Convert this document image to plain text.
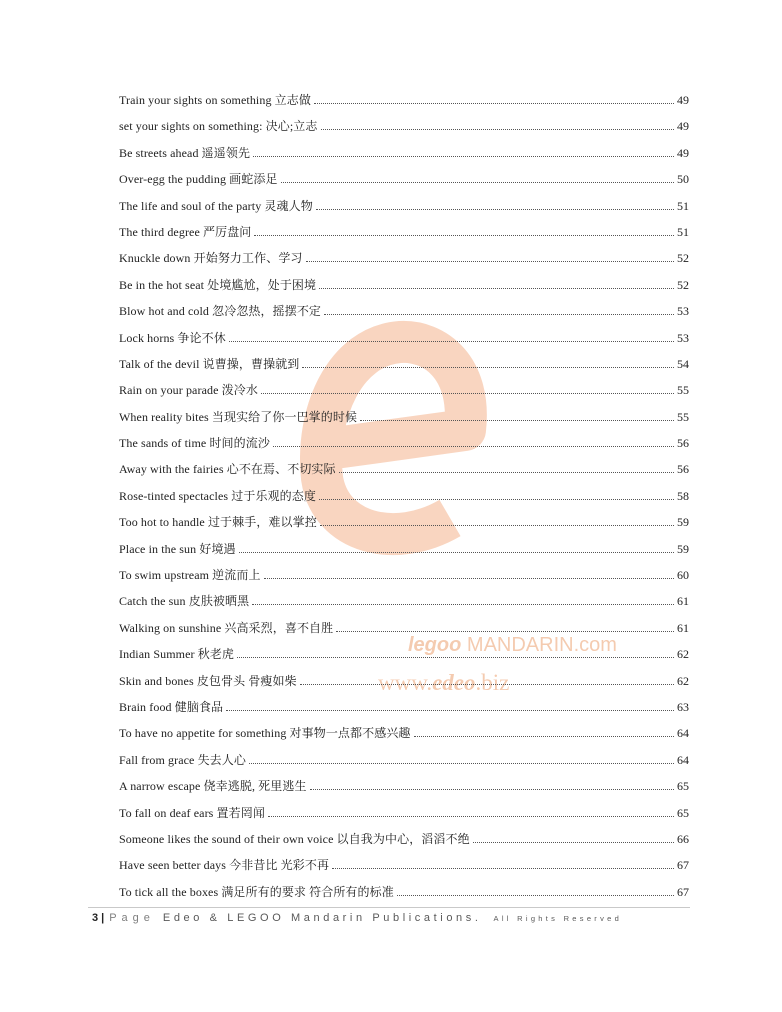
legoo MANDARIN.com
www.edeo.biz
Train your sights on something 立志做	49
set your sights on something: 决心;立志	49
Be streets ahead 遥遥领先	49
Over-egg the pudding 画蛇添足	50
The life and soul of the party 灵魂人物	51
The third degree 严厉盘问	51
Knuckle down 开始努力工作、学习	52
Be in the hot seat 处境尴尬，处于困境	52
Blow hot and cold 忽冷忽热，摇摆不定	53
Lock horns 争论不休	53
Talk of the devil 说曹操，曹操就到	54
Rain on your parade 泼冷水	55
When reality bites 当现实给了你一巴掌的时候	55
The sands of time 时间的流沙	56
Away with the fairies 心不在焉、不切实际	56
Rose-tinted spectacles 过于乐观的态度	58
Too hot to handle 过于棘手，难以掌控	59
Place in the sun 好境遇	59
To swim upstream 逆流而上	60
Catch the sun 皮肤被晒黑	61
Walking on sunshine 兴高采烈，喜不自胜	61
Indian Summer 秋老虎	62
Skin and bones 皮包骨头 骨瘦如柴	62
Brain food 健脑食品	63
To have no appetite for something 对事物一点都不感兴趣	64
Fall from grace 失去人心	64
A narrow escape 侥幸逃脱, 死里逃生	65
To fall on deaf ears 置若罔闻	65
Someone likes the sound of their own voice 以自我为中心，滔滔不绝	66
Have seen better days 今非昔比 光彩不再	67
To tick all the boxes 满足所有的要求 符合所有的标准	67
3 | Page Edeo & LEGOO Mandarin Publications. All Rights Reserved
